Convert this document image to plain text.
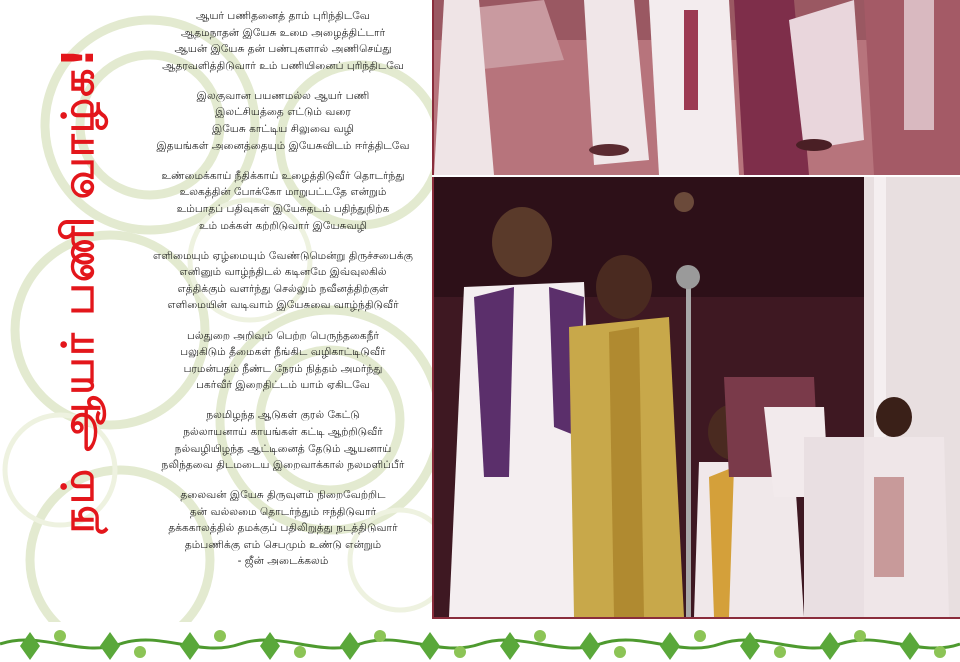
நம் ஆயர் பணி வாழ்க!
ஆயர் பணிதனைத் தாம் புரிந்திடவே
ஆதமநாதன் இயேசு உமை அழைத்திட்டார்
ஆயன் இயேசு தன் பண்புகளால் அணிசெய்து
ஆதரவளித்திடுவார் உம் பணியினைப் புரிந்திடவே
இலகுவான பயணமல்ல ஆயர் பணி
இலட்சியத்தை எட்டும் வரை
இயேசு காட்டிய சிலுவை வழி
இதயங்கள் அனைத்தையும் இயேசுவிடம் ஈர்த்திடவே
உண்மைக்காய் நீதிக்காய் உழைத்திடுவீர் தொடர்ந்து
உலகத்தின் போக்கோ மாறுபட்டதே என்றும்
உம்பாதப் பதிவுகள் இயேசுதடம் பதிந்துநிற்க
உம் மக்கள் கற்றிடுவார் இயேசுவழி
எளிமையும் ஏழ்மையும் வேண்டுமென்று திருச்சபைக்கு
எனினும் வாழ்ந்திடல் கடினமே இவ்வுலகில்
எத்திக்கும் வளர்ந்து செல்லும் நவீனத்திற்குள்
எளிமையின் வடிவாம் இயேசுவை வாழ்ந்திடுவீர்
பல்துறை அறிவும் பெற்ற பெருந்தகைநீர்
பலுகிடும் தீமைகள் நீங்கிட வழிகாட்டிடுவீர்
பரமன்பதம் நீண்ட நேரம் நித்தம் அமர்ந்து
பகர்வீர் இறைதிட்டம் யாம் ஏகிடவே
நலமிழந்த ஆடுகள் குரல் கேட்டு
நல்லாயனாய் காயங்கள் கட்டி ஆற்றிடுவீர்
நல்வழியிழந்த ஆட்டினைத் தேடும் ஆயனாய்
நலிந்தவை திடமடைய இறைவாக்கால் நலமளிப்பீர்
தலைவன் இயேசு திருவுளம் நிறைவேற்றிட
தன் வல்லமை தொடர்ந்தும் ஈந்திடுவார்
தக்ககாலத்தில் தமக்குப் பதிலிறுத்து நடத்திடுவார்
தம்பணிக்கு எம் செபமும் உண்டு என்றும்
- ஜீன் அடைக்கலம்
